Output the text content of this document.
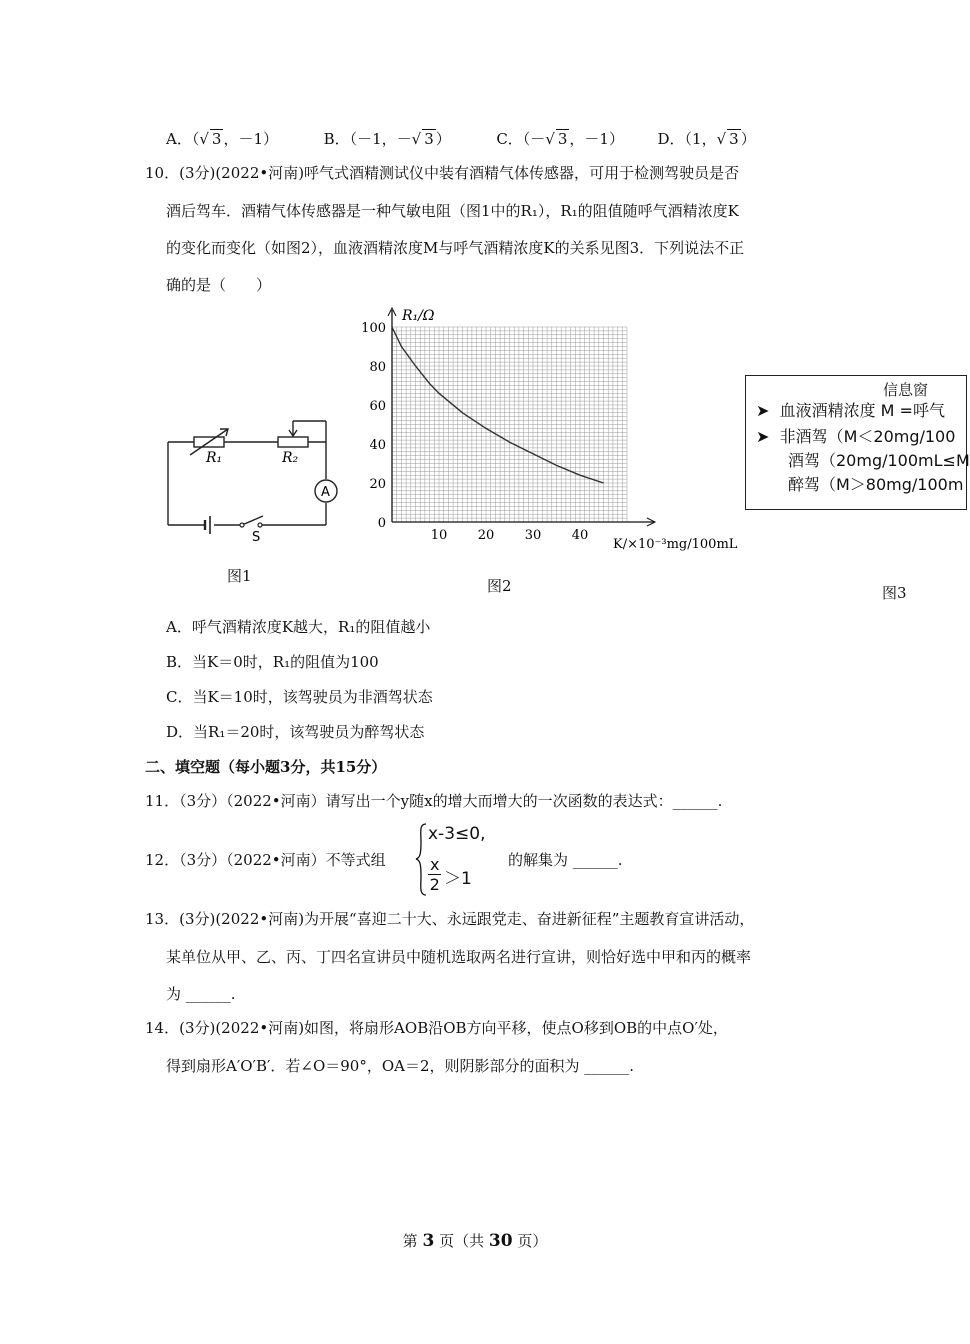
A．（√ 3 ，－1）	B．（－1，－√ 3 ）	C．（－√ 3 ，－1） D．（1，√ 3 ）
10．(3分)(2022•河南)呼气式酒精测试仪中装有酒精气体传感器，可用于检测驾驶员是否
酒后驾车．酒精气体传感器是一种气敏电阻（图1中的R₁），R₁的阻值随呼气酒精浓度K
的变化而变化（如图2），血液酒精浓度M与呼气酒精浓度K的关系见图3．下列说法不正
确的是（　　）
R₁	R₂
A
S
图1
100
80
60
40
20
0
10 20 30 40
R₁/Ω
K/×10⁻³mg/100mL
图2
信息窗
➤ 血液酒精浓度 M =呼气
➤ 非酒驾（M＜20mg/100
酒驾（20mg/100mL≤M
醉驾（M＞80mg/100m
图3
A．呼气酒精浓度K越大，R₁的阻值越小
B．当K＝0时，R₁的阻值为100
C．当K＝10时，该驾驶员为非酒驾状态
D．当R₁＝20时，该驾驶员为醉驾状态
二、填空题（每小题3分，共15分）
11．（3分）（2022•河南）请写出一个y随x的增大而增大的一次函数的表达式：______.
12．（3分）（2022•河南）不等式组
x-3≤0,
$\frac{x}{2} >1$
的解集为 ______.
13．(3分)(2022•河南)为开展“喜迎二十大、永远跟党走、奋进新征程”主题教育宣讲活动，
某单位从甲、乙、丙、丁四名宣讲员中随机选取两名进行宣讲，则恰好选中甲和丙的概率
为 ______.
14．(3分)(2022•河南)如图，将扇形AOB沿OB方向平移，使点O移到OB的中点O′处，
得到扇形A′O′B′．若∠O＝90°，OA＝2，则阴影部分的面积为 ______.
第 3 页（共 30 页）
